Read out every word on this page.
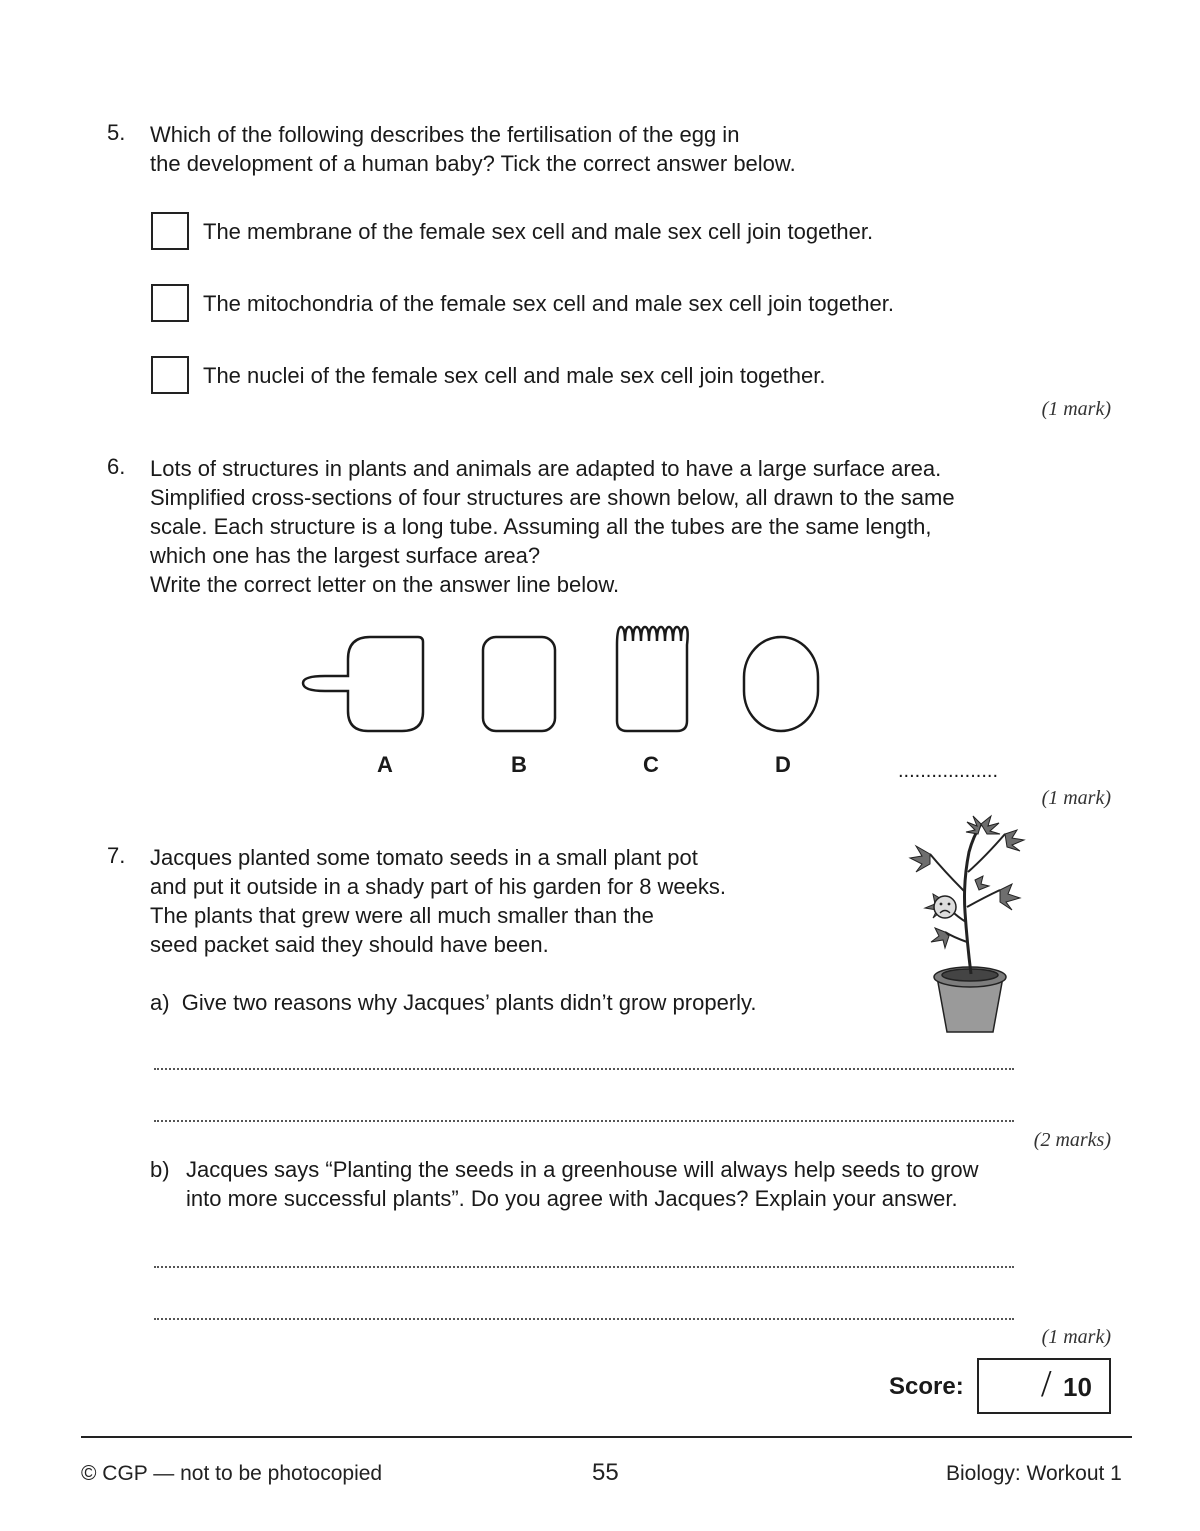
5. Which of the following describes the fertilisation of the egg in
the development of a human baby? Tick the correct answer below.
The membrane of the female sex cell and male sex cell join together.
The mitochondria of the female sex cell and male sex cell join together.
The nuclei of the female sex cell and male sex cell join together.
(1 mark)
6. Lots of structures in plants and animals are adapted to have a large surface area.
Simplified cross-sections of four structures are shown below, all drawn to the same
scale. Each structure is a long tube. Assuming all the tubes are the same length,
which one has the largest surface area?
Write the correct letter on the answer line below.
A	B	C	D	..................
(1 mark)
7. Jacques planted some tomato seeds in a small plant pot
and put it outside in a shady part of his garden for 8 weeks.
The plants that grew were all much smaller than the
seed packet said they should have been.
a) Give two reasons why Jacques’ plants didn’t grow properly.
(2 marks)
b) Jacques says “Planting the seeds in a greenhouse will always help seeds to grow
into more successful plants”. Do you agree with Jacques? Explain your answer.
(1 mark)
Score: / 10
© CGP — not to be photocopied	55	Biology: Workout 1
